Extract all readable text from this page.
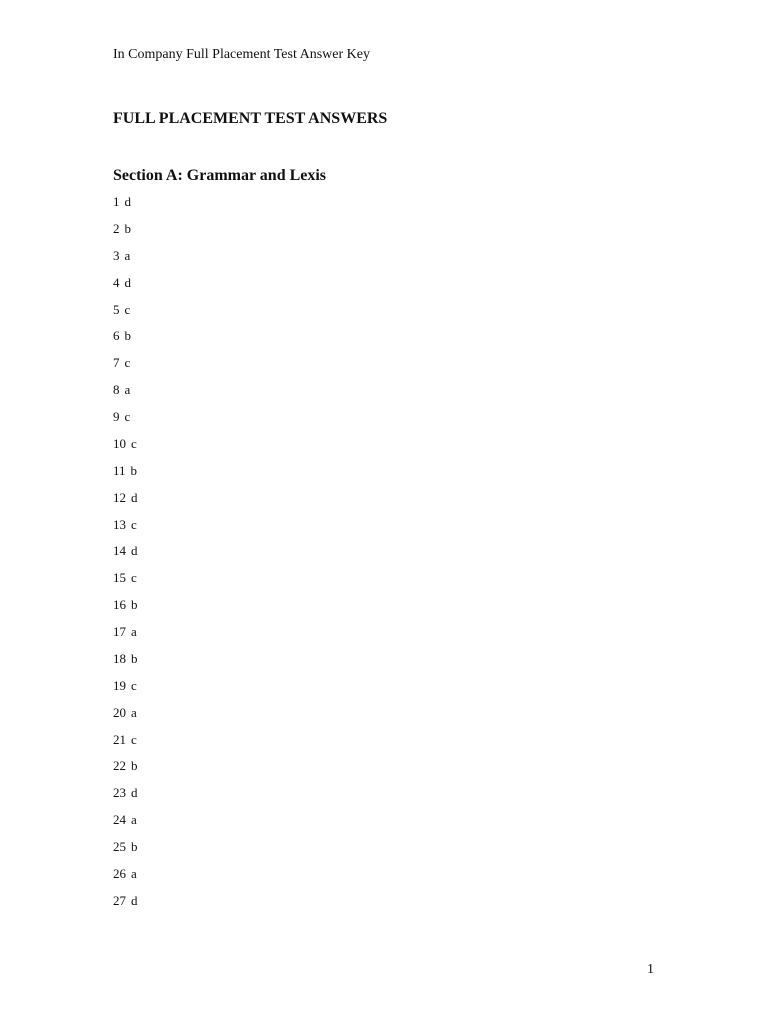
In Company Full Placement Test Answer Key
FULL PLACEMENT TEST ANSWERS
Section A: Grammar and Lexis
1 d
2 b
3 a
4 d
5 c
6 b
7 c
8 a
9 c
10 c
11 b
12 d
13 c
14 d
15 c
16 b
17 a
18 b
19 c
20 a
21 c
22 b
23 d
24 a
25 b
26 a
27 d
1
